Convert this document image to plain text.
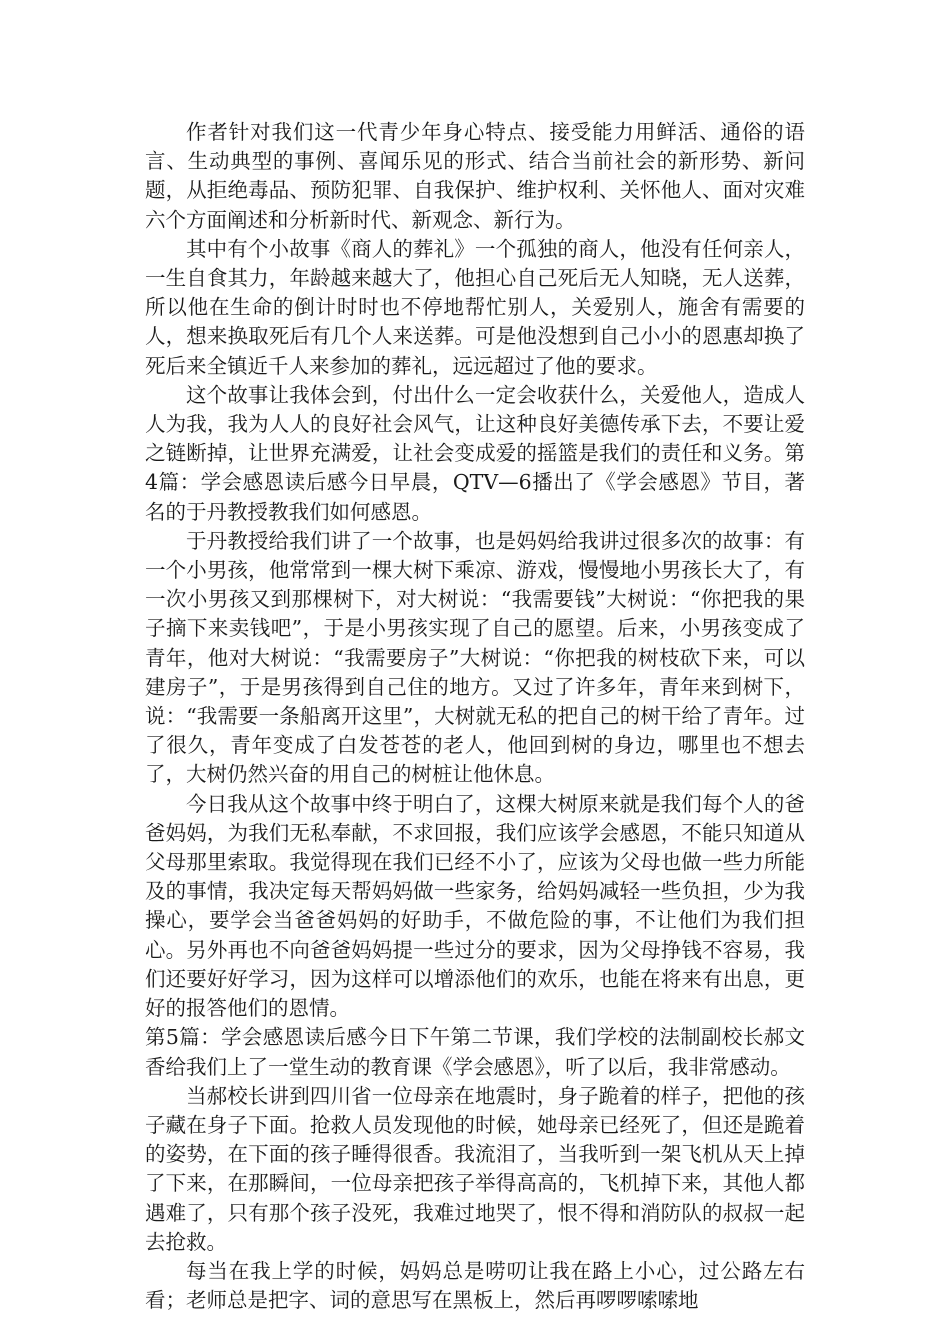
作者针对我们这一代青少年身心特点、接受能力用鲜活、通俗的语言、生动典型的事例、喜闻乐见的形式、结合当前社会的新形势、新问题，从拒绝毒品、预防犯罪、自我保护、维护权利、关怀他人、面对灾难六个方面阐述和分析新时代、新观念、新行为。

其中有个小故事《商人的葬礼》一个孤独的商人，他没有任何亲人，一生自食其力，年龄越来越大了，他担心自己死后无人知晓，无人送葬，所以他在生命的倒计时时也不停地帮忙别人，关爱别人，施舍有需要的人，想来换取死后有几个人来送葬。可是他没想到自己小小的恩惠却换了死后来全镇近千人来参加的葬礼，远远超过了他的要求。

这个故事让我体会到，付出什么一定会收获什么，关爱他人，造成人人为我，我为人人的良好社会风气，让这种良好美德传承下去，不要让爱之链断掉，让世界充满爱，让社会变成爱的摇篮是我们的责任和义务。第4篇：学会感恩读后感今日早晨，QTV—6播出了《学会感恩》节目，著名的于丹教授教我们如何感恩。

于丹教授给我们讲了一个故事，也是妈妈给我讲过很多次的故事：有一个小男孩，他常常到一棵大树下乘凉、游戏，慢慢地小男孩长大了，有一次小男孩又到那棵树下，对大树说：“我需要钱”大树说：“你把我的果子摘下来卖钱吧”，于是小男孩实现了自己的愿望。后来，小男孩变成了青年，他对大树说：“我需要房子”大树说：“你把我的树枝砍下来，可以建房子”，于是男孩得到自己住的地方。又过了许多年，青年来到树下，说：“我需要一条船离开这里”，大树就无私的把自己的树干给了青年。过了很久，青年变成了白发苍苍的老人，他回到树的身边，哪里也不想去了，大树仍然兴奋的用自己的树桩让他休息。

今日我从这个故事中终于明白了，这棵大树原来就是我们每个人的爸爸妈妈，为我们无私奉献，不求回报，我们应该学会感恩，不能只知道从父母那里索取。我觉得现在我们已经不小了，应该为父母也做一些力所能及的事情，我决定每天帮妈妈做一些家务，给妈妈减轻一些负担，少为我操心，要学会当爸爸妈妈的好助手，不做危险的事，不让他们为我们担心。另外再也不向爸爸妈妈提一些过分的要求，因为父母挣钱不容易，我们还要好好学习，因为这样可以增添他们的欢乐，也能在将来有出息，更好的报答他们的恩情。

第5篇：学会感恩读后感今日下午第二节课，我们学校的法制副校长郝文香给我们上了一堂生动的教育课《学会感恩》，听了以后，我非常感动。

当郝校长讲到四川省一位母亲在地震时，身子跪着的样子，把他的孩子藏在身子下面。抢救人员发现他的时候，她母亲已经死了，但还是跪着的姿势，在下面的孩子睡得很香。我流泪了，当我听到一架飞机从天上掉了下来，在那瞬间，一位母亲把孩子举得高高的，飞机掉下来，其他人都遇难了，只有那个孩子没死，我难过地哭了，恨不得和消防队的叔叔一起去抢救。

每当在我上学的时候，妈妈总是唠叨让我在路上小心，过公路左右看；老师总是把字、词的意思写在黑板上，然后再啰啰嗦嗦地
